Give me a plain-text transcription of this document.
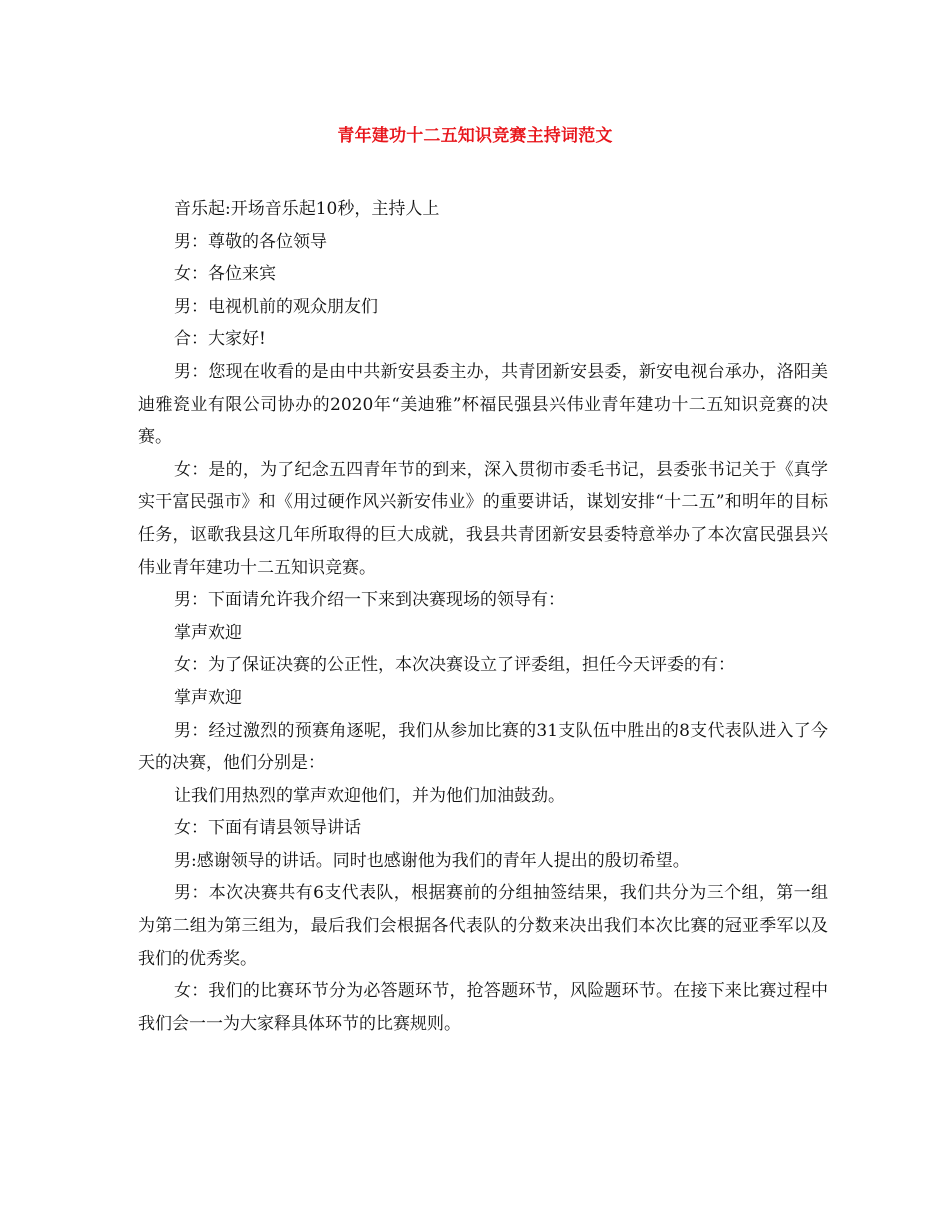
青年建功十二五知识竞赛主持词范文

音乐起:开场音乐起10秒，主持人上

男：尊敬的各位领导

女：各位来宾

男：电视机前的观众朋友们

合：大家好!

男：您现在收看的是由中共新安县委主办，共青团新安县委，新安电视台承办，洛阳美迪雅瓷业有限公司协办的2020年“美迪雅”杯福民强县兴伟业青年建功十二五知识竞赛的决赛。

女：是的，为了纪念五四青年节的到来，深入贯彻市委毛书记，县委张书记关于《真学实干富民强市》和《用过硬作风兴新安伟业》的重要讲话，谋划安排“十二五”和明年的目标任务，讴歌我县这几年所取得的巨大成就，我县共青团新安县委特意举办了本次富民强县兴伟业青年建功十二五知识竞赛。

男：下面请允许我介绍一下来到决赛现场的领导有：

掌声欢迎

女：为了保证决赛的公正性，本次决赛设立了评委组，担任今天评委的有：

掌声欢迎

男：经过激烈的预赛角逐呢，我们从参加比赛的31支队伍中胜出的8支代表队进入了今天的决赛，他们分别是：

让我们用热烈的掌声欢迎他们，并为他们加油鼓劲。

女：下面有请县领导讲话

男:感谢领导的讲话。同时也感谢他为我们的青年人提出的殷切希望。

男：本次决赛共有6支代表队，根据赛前的分组抽签结果，我们共分为三个组，第一组为第二组为第三组为，最后我们会根据各代表队的分数来决出我们本次比赛的冠亚季军以及我们的优秀奖。

女：我们的比赛环节分为必答题环节，抢答题环节，风险题环节。在接下来比赛过程中我们会一一为大家释具体环节的比赛规则。
